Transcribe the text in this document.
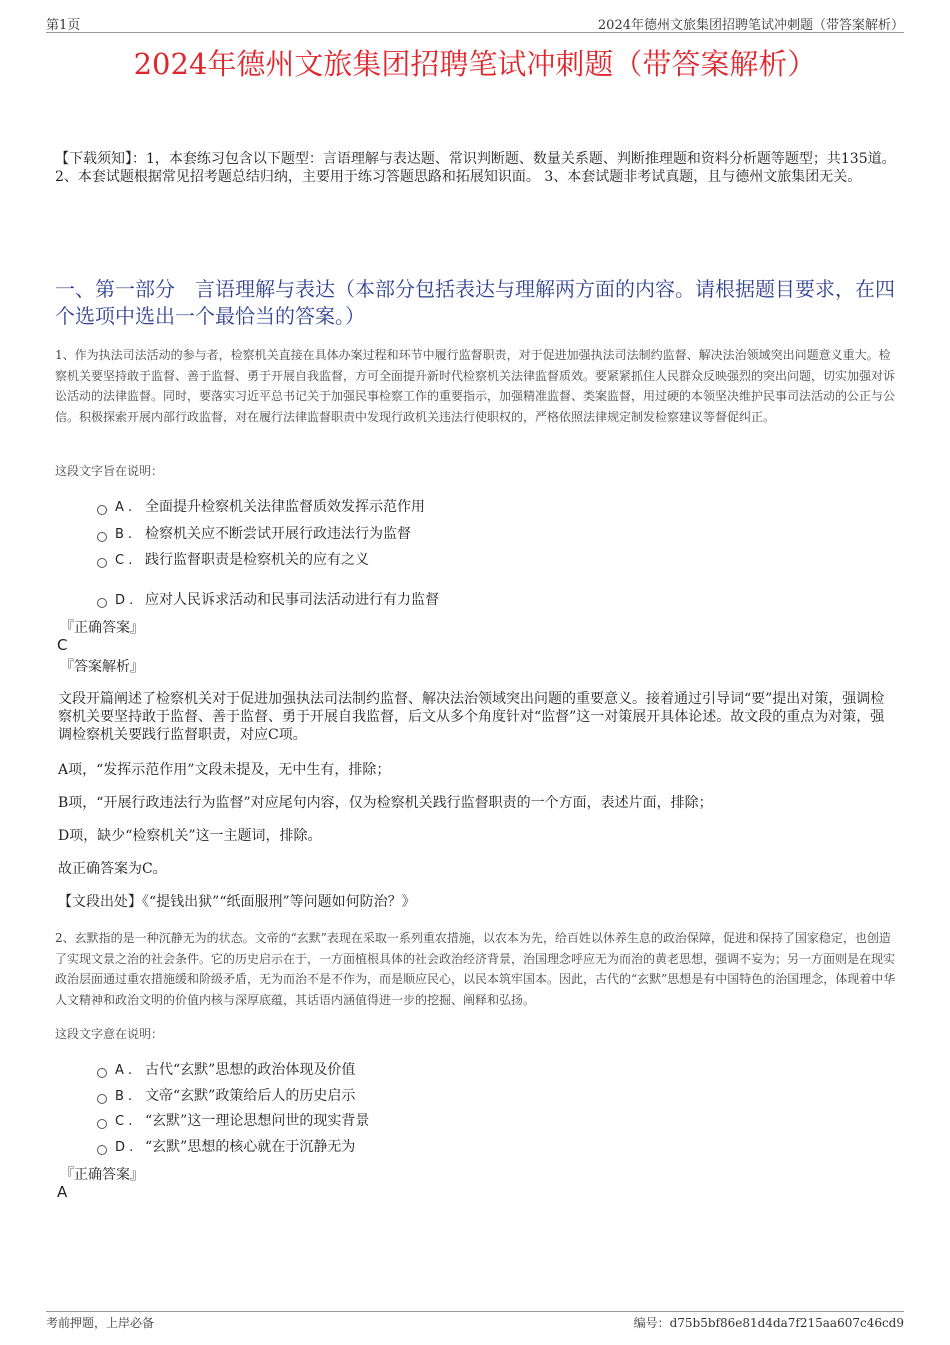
第1页	2024年德州文旅集团招聘笔试冲刺题（带答案解析）
2024年德州文旅集团招聘笔试冲刺题（带答案解析）
【下载须知】：1，本套练习包含以下题型：言语理解与表达题、常识判断题、数量关系题、判断推理题和资料分析题等题型；共135道。 2、本套试题根据常见招考题总结归纳，主要用于练习答题思路和拓展知识面。 3、本套试题非考试真题，且与德州文旅集团无关。
一、第一部分　言语理解与表达（本部分包括表达与理解两方面的内容。请根据题目要求，在四个选项中选出一个最恰当的答案。）
1、作为执法司法活动的参与者，检察机关直接在具体办案过程和环节中履行监督职责，对于促进加强执法司法制约监督、解决法治领域突出问题意义重大。检察机关要坚持敢于监督、善于监督、勇于开展自我监督，方可全面提升新时代检察机关法律监督质效。要紧紧抓住人民群众反映强烈的突出问题，切实加强对诉讼活动的法律监督。同时，要落实习近平总书记关于加强民事检察工作的重要指示，加强精准监督、类案监督，用过硬的本领坚决维护民事司法活动的公正与公信。积极探索开展内部行政监督，对在履行法律监督职责中发现行政机关违法行使职权的，严格依照法律规定制发检察建议等督促纠正。
这段文字旨在说明：
A . 全面提升检察机关法律监督质效发挥示范作用
B . 检察机关应不断尝试开展行政违法行为监督
C . 践行监督职责是检察机关的应有之义
D . 应对人民诉求活动和民事司法活动进行有力监督
『正确答案』
C
『答案解析』
文段开篇阐述了检察机关对于促进加强执法司法制约监督、解决法治领域突出问题的重要意义。接着通过引导词“要”提出对策，强调检察机关要坚持敢于监督、善于监督、勇于开展自我监督，后文从多个角度针对“监督”这一对策展开具体论述。故文段的重点为对策，强调检察机关要践行监督职责，对应C项。
A项，“发挥示范作用”文段未提及，无中生有，排除；
B项，“开展行政违法行为监督”对应尾句内容，仅为检察机关践行监督职责的一个方面，表述片面，排除；
D项，缺少“检察机关”这一主题词，排除。
故正确答案为C。
【文段出处】《“提钱出狱”“纸面服刑”等问题如何防治？》
2、玄默指的是一种沉静无为的状态。文帝的“玄默”表现在采取一系列重农措施，以农本为先，给百姓以休养生息的政治保障，促进和保持了国家稳定，也创造了实现文景之治的社会条件。它的历史启示在于，一方面植根具体的社会政治经济背景，治国理念呼应无为而治的黄老思想，强调不妄为；另一方面则是在现实政治层面通过重农措施缓和阶级矛盾，无为而治不是不作为，而是顺应民心，以民本筑牢国本。因此，古代的“玄默”思想是有中国特色的治国理念，体现着中华人文精神和政治文明的价值内核与深厚底蕴，其话语内涵值得进一步的挖掘、阐释和弘扬。
这段文字意在说明：
A . 古代“玄默”思想的政治体现及价值
B . 文帝“玄默”政策给后人的历史启示
C . “玄默”这一理论思想问世的现实背景
D . “玄默”思想的核心就在于沉静无为
『正确答案』
A
考前押题，上岸必备	编号：d75b5bf86e81d4da7f215aa607c46cd9
